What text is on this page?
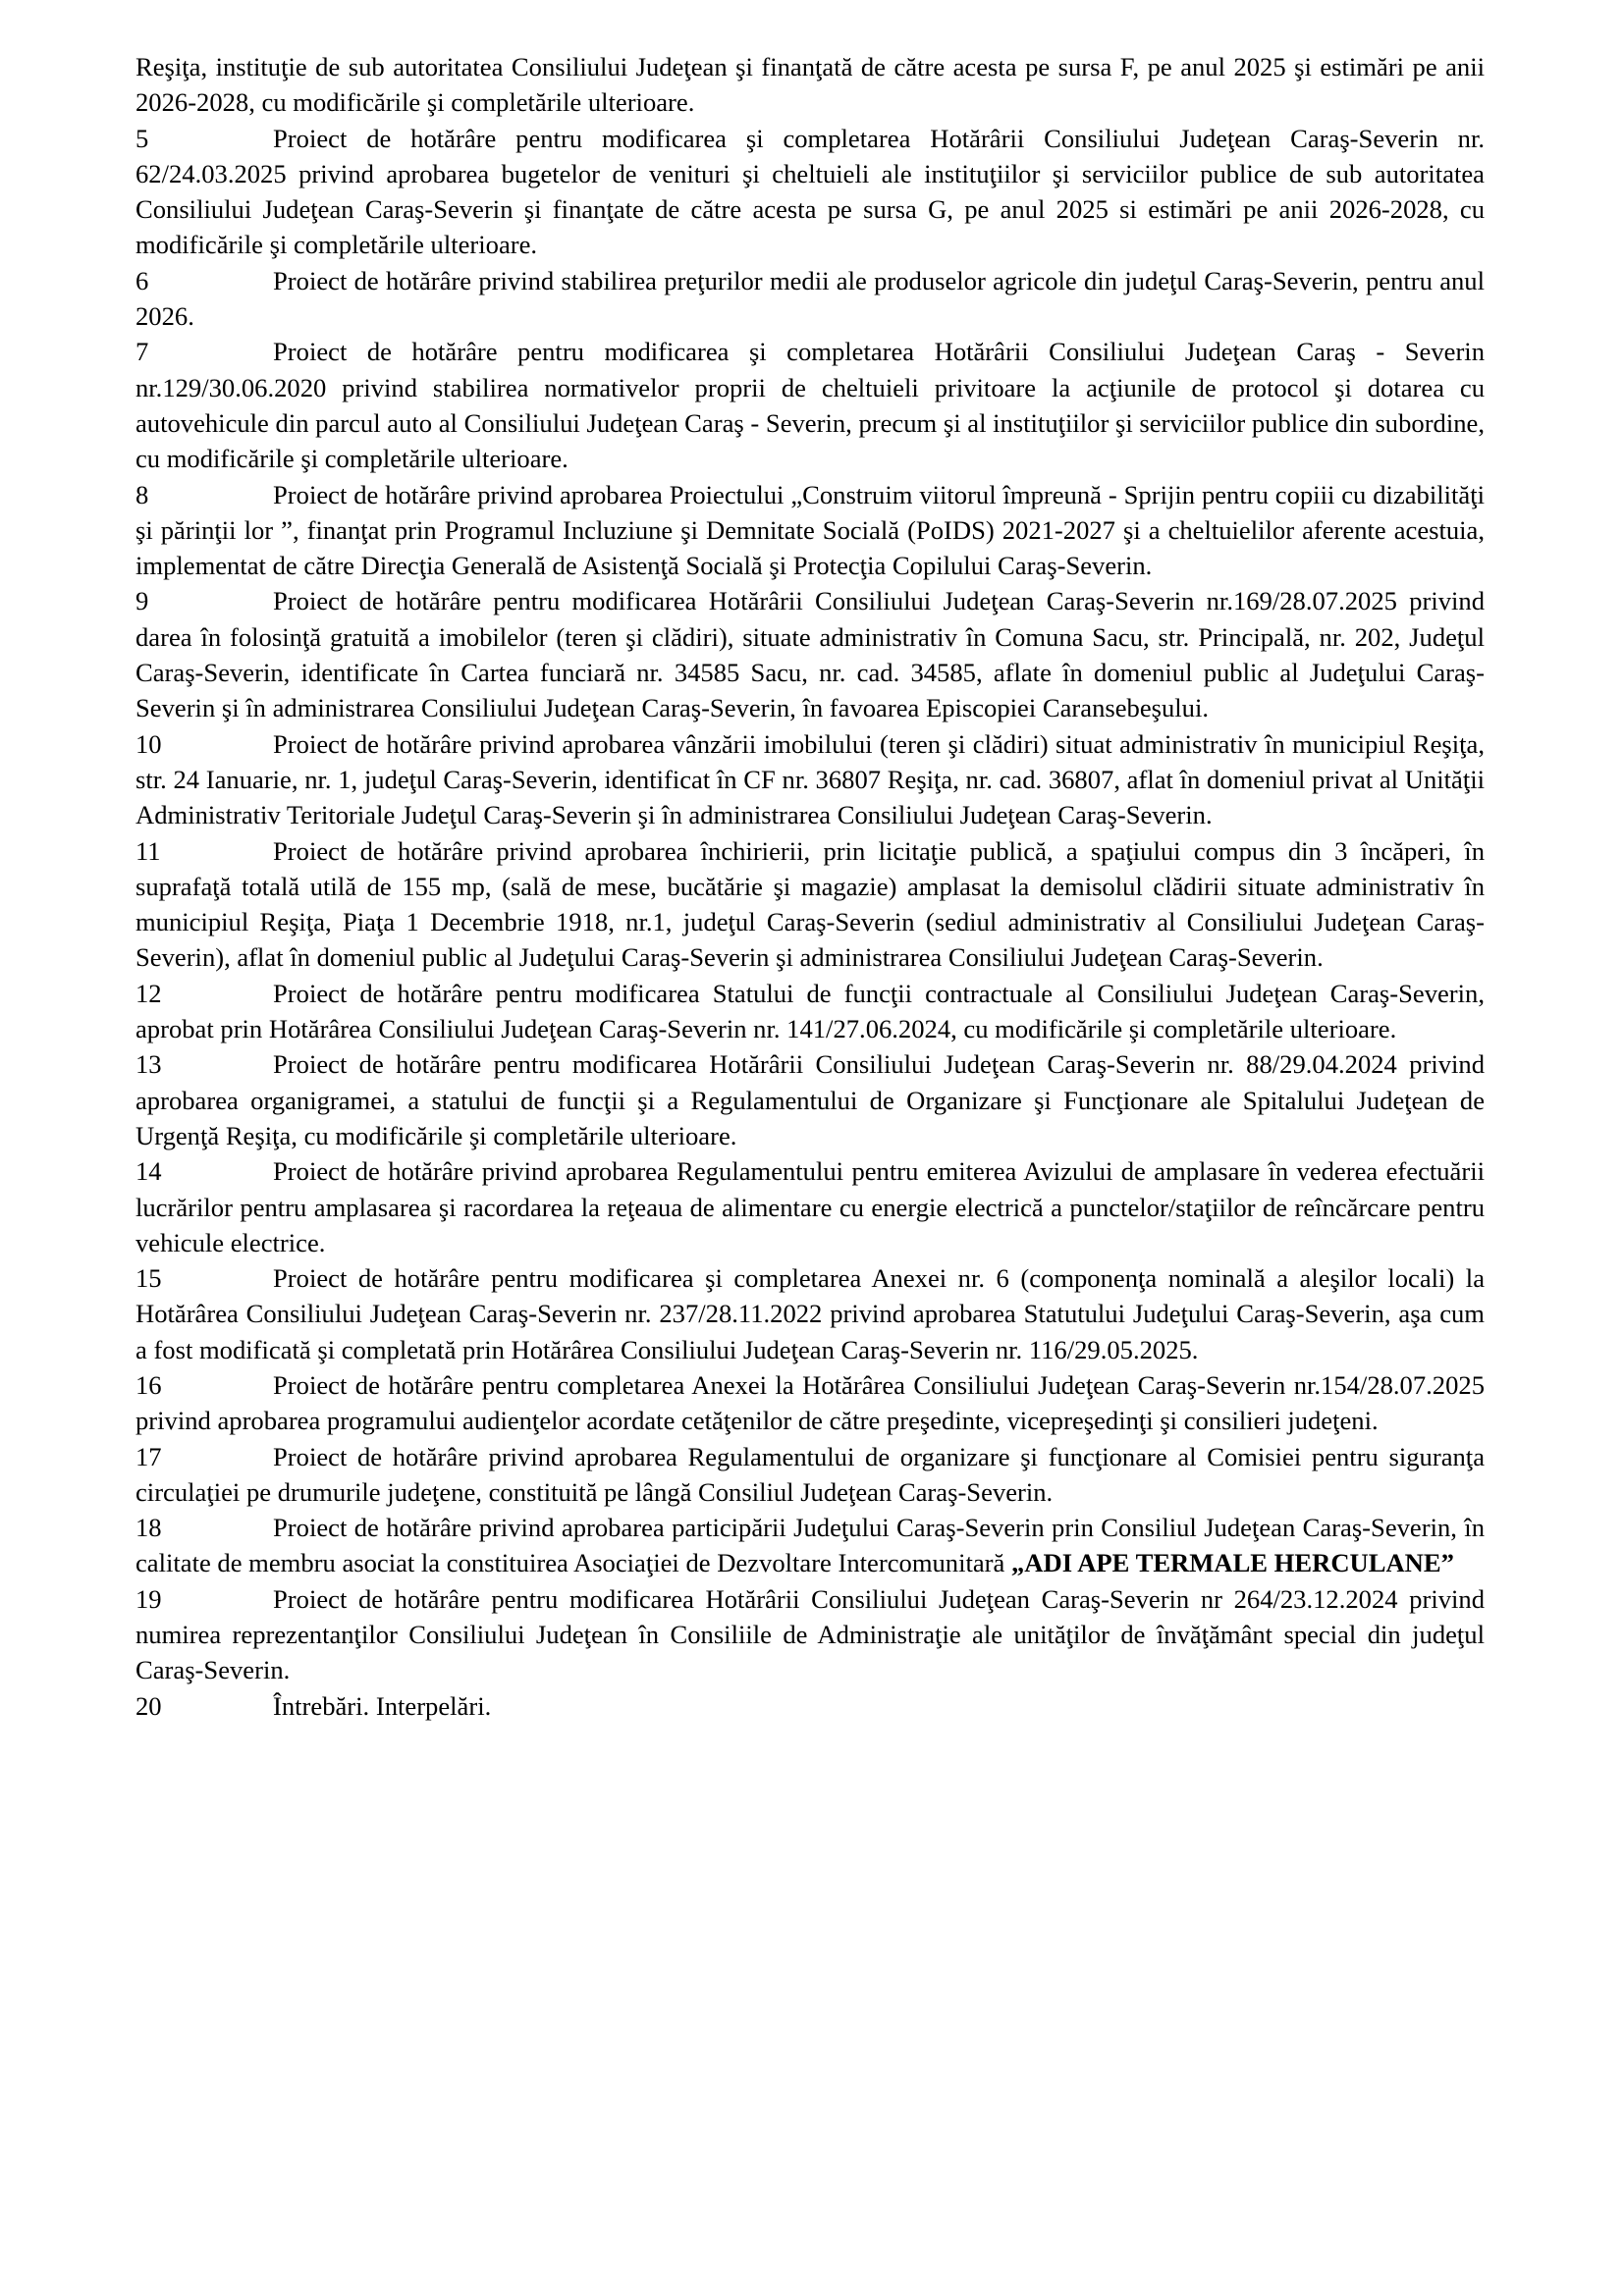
Reşiţa, instituţie de sub autoritatea Consiliului Judeţean şi finanţată de către acesta pe sursa F, pe anul 2025 şi estimări pe anii 2026-2028, cu modificările şi completările ulterioare.
5	Proiect de hotărâre pentru modificarea şi completarea Hotărârii Consiliului Judeţean Caraş-Severin nr. 62/24.03.2025 privind aprobarea bugetelor de venituri şi cheltuieli ale instituţiilor şi serviciilor publice de sub autoritatea Consiliului Judeţean Caraş-Severin şi finanţate de către acesta pe sursa G, pe anul 2025 si estimări pe anii 2026-2028, cu modificările şi completările ulterioare.
6	Proiect de hotărâre privind stabilirea preţurilor medii ale produselor agricole din judeţul Caraş-Severin, pentru anul 2026.
7	Proiect de hotărâre pentru modificarea şi completarea Hotărârii Consiliului Judeţean Caraş - Severin nr.129/30.06.2020 privind stabilirea normativelor proprii de cheltuieli privitoare la acţiunile de protocol şi dotarea cu autovehicule din parcul auto al Consiliului Judeţean Caraş - Severin, precum şi al instituţiilor şi serviciilor publice din subordine, cu modificările şi completările ulterioare.
8	Proiect de hotărâre privind aprobarea Proiectului „Construim viitorul împreună - Sprijin pentru copiii cu dizabilităţi şi părinţii lor ”, finanţat prin Programul Incluziune şi Demnitate Socială (PoIDS) 2021-2027 şi a cheltuielilor aferente acestuia, implementat de către Direcţia Generală de Asistenţă Socială şi Protecţia Copilului Caraş-Severin.
9	Proiect de hotărâre pentru modificarea Hotărârii Consiliului Judeţean Caraş-Severin nr.169/28.07.2025 privind darea în folosinţă gratuită a imobilelor (teren şi clădiri), situate administrativ în Comuna Sacu, str. Principală, nr. 202, Judeţul Caraş-Severin, identificate în Cartea funciară nr. 34585 Sacu, nr. cad. 34585, aflate în domeniul public al Judeţului Caraş-Severin şi în administrarea Consiliului Judeţean Caraş-Severin, în favoarea Episcopiei Caransebeşului.
10	Proiect de hotărâre privind aprobarea vânzării imobilului (teren şi clădiri) situat administrativ în municipiul Reşiţa, str. 24 Ianuarie, nr. 1, judeţul Caraş-Severin, identificat în CF nr. 36807 Reşiţa, nr. cad. 36807, aflat în domeniul privat al Unităţii Administrativ Teritoriale Judeţul Caraş-Severin şi în administrarea Consiliului Judeţean Caraş-Severin.
11	Proiect de hotărâre privind aprobarea închirierii, prin licitaţie publică, a spaţiului compus din 3 încăperi, în suprafaţă totală utilă de 155 mp, (sală de mese, bucătărie şi magazie) amplasat la demisolul clădirii situate administrativ în municipiul Reşiţa, Piaţa 1 Decembrie 1918, nr.1, judeţul Caraş-Severin (sediul administrativ al Consiliului Judeţean Caraş-Severin), aflat în domeniul public al Judeţului Caraş-Severin şi administrarea Consiliului Judeţean Caraş-Severin.
12	Proiect de hotărâre pentru modificarea Statului de funcţii contractuale al Consiliului Judeţean Caraş-Severin, aprobat prin Hotărârea Consiliului Judeţean Caraş-Severin nr. 141/27.06.2024, cu modificările şi completările ulterioare.
13	Proiect de hotărâre pentru modificarea Hotărârii Consiliului Judeţean Caraş-Severin nr. 88/29.04.2024 privind aprobarea organigramei, a statului de funcţii şi a Regulamentului de Organizare şi Funcţionare ale Spitalului Judeţean de Urgenţă Reşiţa, cu modificările şi completările ulterioare.
14	Proiect de hotărâre privind aprobarea Regulamentului pentru emiterea Avizului de amplasare în vederea efectuării lucrărilor pentru amplasarea şi racordarea la reţeaua de alimentare cu energie electrică a punctelor/staţiilor de reîncărcare pentru vehicule electrice.
15	Proiect de hotărâre pentru modificarea şi completarea Anexei nr. 6 (componenţa nominală a aleşilor locali) la Hotărârea Consiliului Judeţean Caraş-Severin nr. 237/28.11.2022 privind aprobarea Statutului Judeţului Caraş-Severin, aşa cum a fost modificată şi completată prin Hotărârea Consiliului Judeţean Caraş-Severin nr. 116/29.05.2025.
16	Proiect de hotărâre pentru completarea Anexei la Hotărârea Consiliului Judeţean Caraş-Severin nr.154/28.07.2025 privind aprobarea programului audienţelor acordate cetăţenilor de către preşedinte, vicepreşedinţi şi consilieri judeţeni.
17	Proiect de hotărâre privind aprobarea Regulamentului de organizare şi funcţionare al Comisiei pentru siguranţa circulaţiei pe drumurile judeţene, constituită pe lângă Consiliul Judeţean Caraş-Severin.
18	Proiect de hotărâre privind aprobarea participării Judeţului Caraş-Severin prin Consiliul Judeţean Caraş-Severin, în calitate de membru asociat la constituirea Asociaţiei de Dezvoltare Intercomunitară „ADI APE TERMALE HERCULANE”
19	Proiect de hotărâre pentru modificarea Hotărârii Consiliului Judeţean Caraş-Severin nr 264/23.12.2024 privind numirea reprezentanţilor Consiliului Judeţean în Consiliile de Administraţie ale unităţilor de învăţământ special din judeţul Caraş-Severin.
20	Întrebări. Interpelări.
